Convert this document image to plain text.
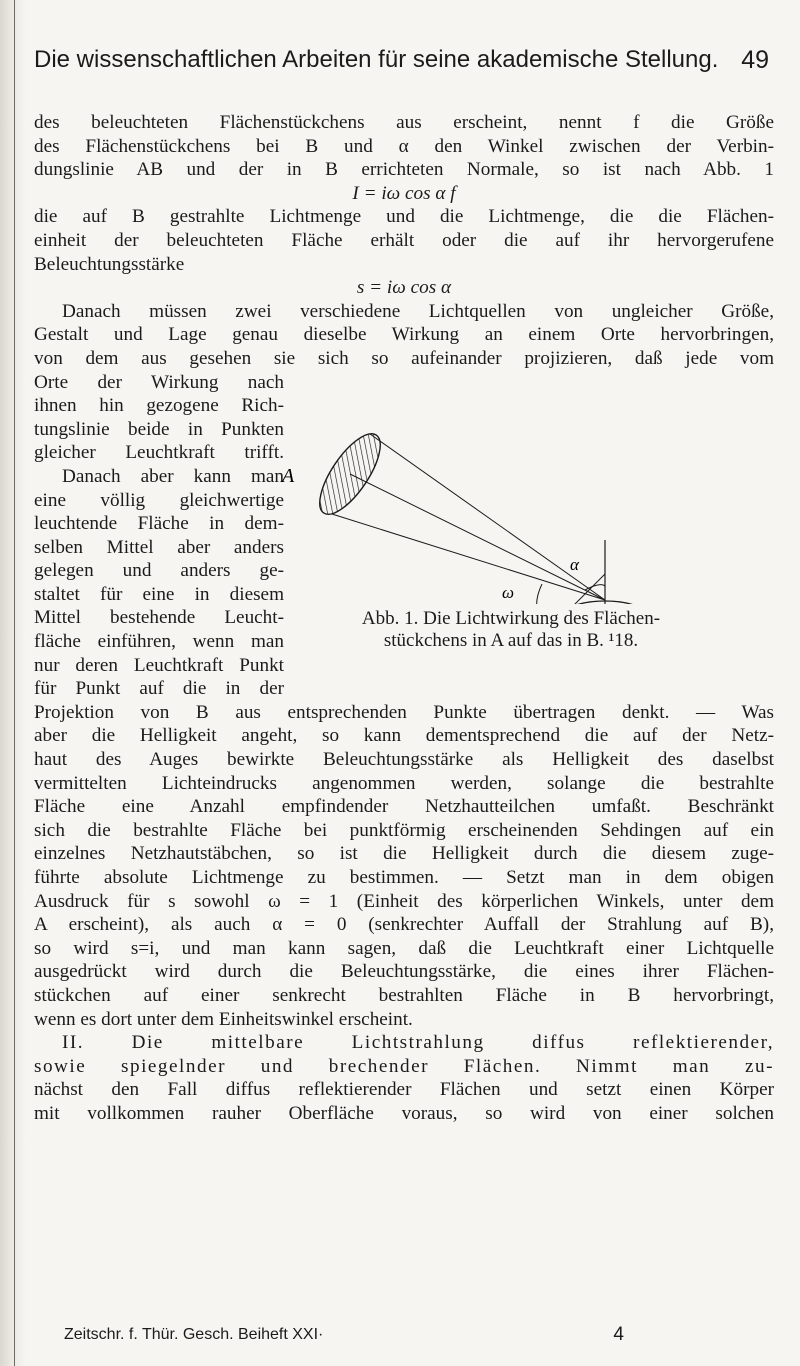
Die wissenschaftlichen Arbeiten für seine akademische Stellung. 49
des beleuchteten Flächenstückchens aus erscheint, nennt f die Größe
des Flächenstückchens bei B und α den Winkel zwischen der Verbin-
dungslinie AB und der in B errichteten Normale, so ist nach Abb. 1
I = iω cos α f
die auf B gestrahlte Lichtmenge und die Lichtmenge, die die Flächen-
einheit der beleuchteten Fläche erhält oder die auf ihr hervorgerufene
Beleuchtungsstärke
s = iω cos α
Danach müssen zwei verschiedene Lichtquellen von ungleicher Größe,
Gestalt und Lage genau dieselbe Wirkung an einem Orte hervorbringen,
von dem aus gesehen sie sich so aufeinander projizieren, daß jede vom
Orte der Wirkung nach
ihnen hin gezogene Rich-
tungslinie beide in Punkten
gleicher Leuchtkraft trifft.
Danach aber kann man
eine völlig gleichwertige
leuchtende Fläche in dem-
selben Mittel aber anders
gelegen und anders ge-
staltet für eine in diesem
Mittel bestehende Leucht-
fläche einführen, wenn man
nur deren Leuchtkraft Punkt
für Punkt auf die in der
Projektion von B aus entsprechenden Punkte übertragen denkt. — Was
aber die Helligkeit angeht, so kann dementsprechend die auf der Netz-
haut des Auges bewirkte Beleuchtungsstärke als Helligkeit des daselbst
vermittelten Lichteindrucks angenommen werden, solange die bestrahlte
Fläche eine Anzahl empfindender Netzhautteilchen umfaßt. Beschränkt
sich die bestrahlte Fläche bei punktförmig erscheinenden Sehdingen auf ein
einzelnes Netzhautstäbchen, so ist die Helligkeit durch die diesem zuge-
führte absolute Lichtmenge zu bestimmen. — Setzt man in dem obigen
Ausdruck für s sowohl ω = 1 (Einheit des körperlichen Winkels, unter dem
A erscheint), als auch α = 0 (senkrechter Auffall der Strahlung auf B),
so wird s=i, und man kann sagen, daß die Leuchtkraft einer Lichtquelle
ausgedrückt wird durch die Beleuchtungsstärke, die eines ihrer Flächen-
stückchen auf einer senkrecht bestrahlten Fläche in B hervorbringt,
wenn es dort unter dem Einheitswinkel erscheint.
II. Die mittelbare Lichtstrahlung diffus reflektierender,
sowie spiegelnder und brechender Flächen. Nimmt man zu-
nächst den Fall diffus reflektierender Flächen und setzt einen Körper
mit vollkommen rauher Oberfläche voraus, so wird von einer solchen
A
α
ω
Abb. 1. Die Lichtwirkung des Flächen-
stückchens in A auf das in B. ¹18.
Zeitschr. f. Thür. Gesch. Beiheft XXI·	4
